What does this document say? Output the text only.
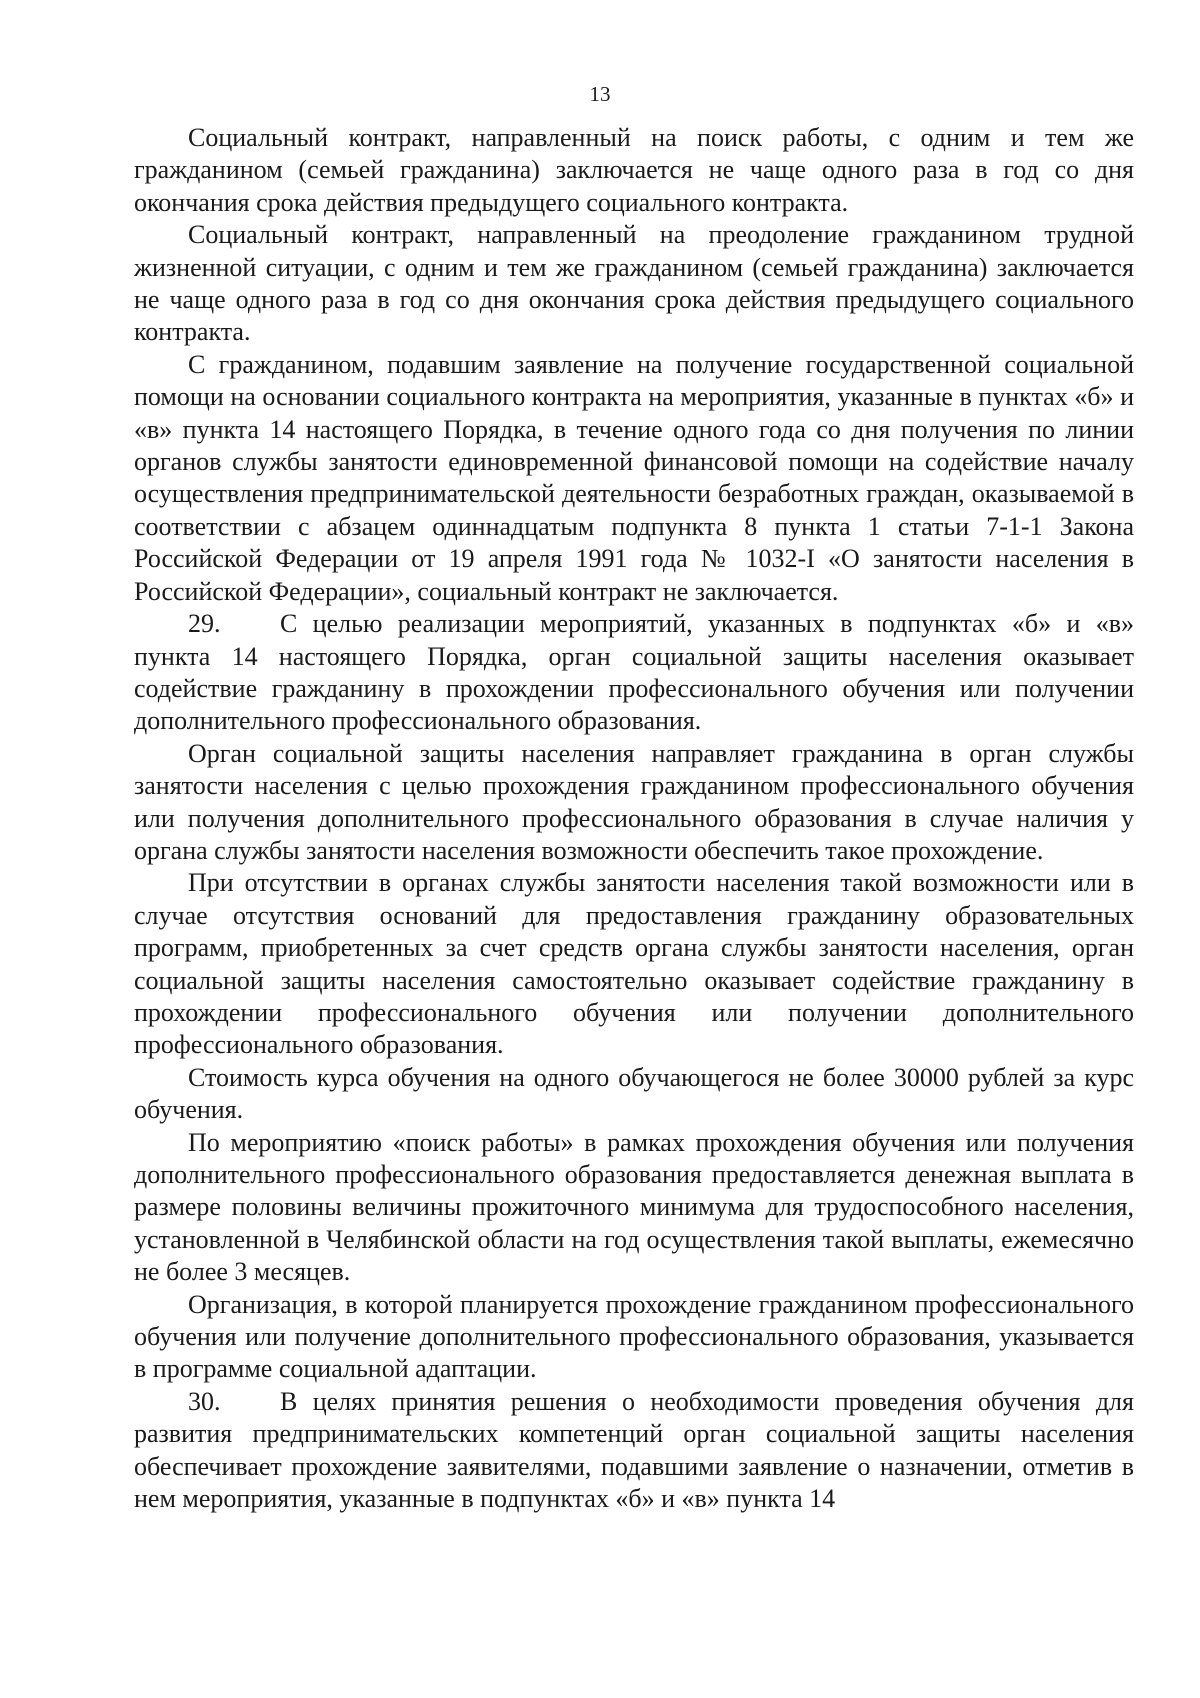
13

Социальный контракт, направленный на поиск работы, с одним и тем же гражданином (семьей гражданина) заключается не чаще одного раза в год со дня окончания срока действия предыдущего социального контракта.

Социальный контракт, направленный на преодоление гражданином трудной жизненной ситуации, с одним и тем же гражданином (семьей гражданина) заключается не чаще одного раза в год со дня окончания срока действия предыдущего социального контракта.

С гражданином, подавшим заявление на получение государственной социальной помощи на основании социального контракта на мероприятия, указанные в пунктах «б» и «в» пункта 14 настоящего Порядка, в течение одного года со дня получения по линии органов службы занятости единовременной финансовой помощи на содействие началу осуществления предпринимательской деятельности безработных граждан, оказываемой в соответствии с абзацем одиннадцатым подпункта 8 пункта 1 статьи 7-1-1 Закона Российской Федерации от 19 апреля 1991 года № 1032-I «О занятости населения в Российской Федерации», социальный контракт не заключается.

29. С целью реализации мероприятий, указанных в подпунктах «б» и «в» пункта 14 настоящего Порядка, орган социальной защиты населения оказывает содействие гражданину в прохождении профессионального обучения или получении дополнительного профессионального образования.

Орган социальной защиты населения направляет гражданина в орган службы занятости населения с целью прохождения гражданином профессионального обучения или получения дополнительного профессионального образования в случае наличия у органа службы занятости населения возможности обеспечить такое прохождение.

При отсутствии в органах службы занятости населения такой возможности или в случае отсутствия оснований для предоставления гражданину образовательных программ, приобретенных за счет средств органа службы занятости населения, орган социальной защиты населения самостоятельно оказывает содействие гражданину в прохождении профессионального обучения или получении дополнительного профессионального образования.

Стоимость курса обучения на одного обучающегося не более 30000 рублей за курс обучения.

По мероприятию «поиск работы» в рамках прохождения обучения или получения дополнительного профессионального образования предоставляется денежная выплата в размере половины величины прожиточного минимума для трудоспособного населения, установленной в Челябинской области на год осуществления такой выплаты, ежемесячно не более 3 месяцев.

Организация, в которой планируется прохождение гражданином профессионального обучения или получение дополнительного профессионального образования, указывается в программе социальной адаптации.

30. В целях принятия решения о необходимости проведения обучения для развития предпринимательских компетенций орган социальной защиты населения обеспечивает прохождение заявителями, подавшими заявление о назначении, отметив в нем мероприятия, указанные в подпунктах «б» и «в» пункта 14
